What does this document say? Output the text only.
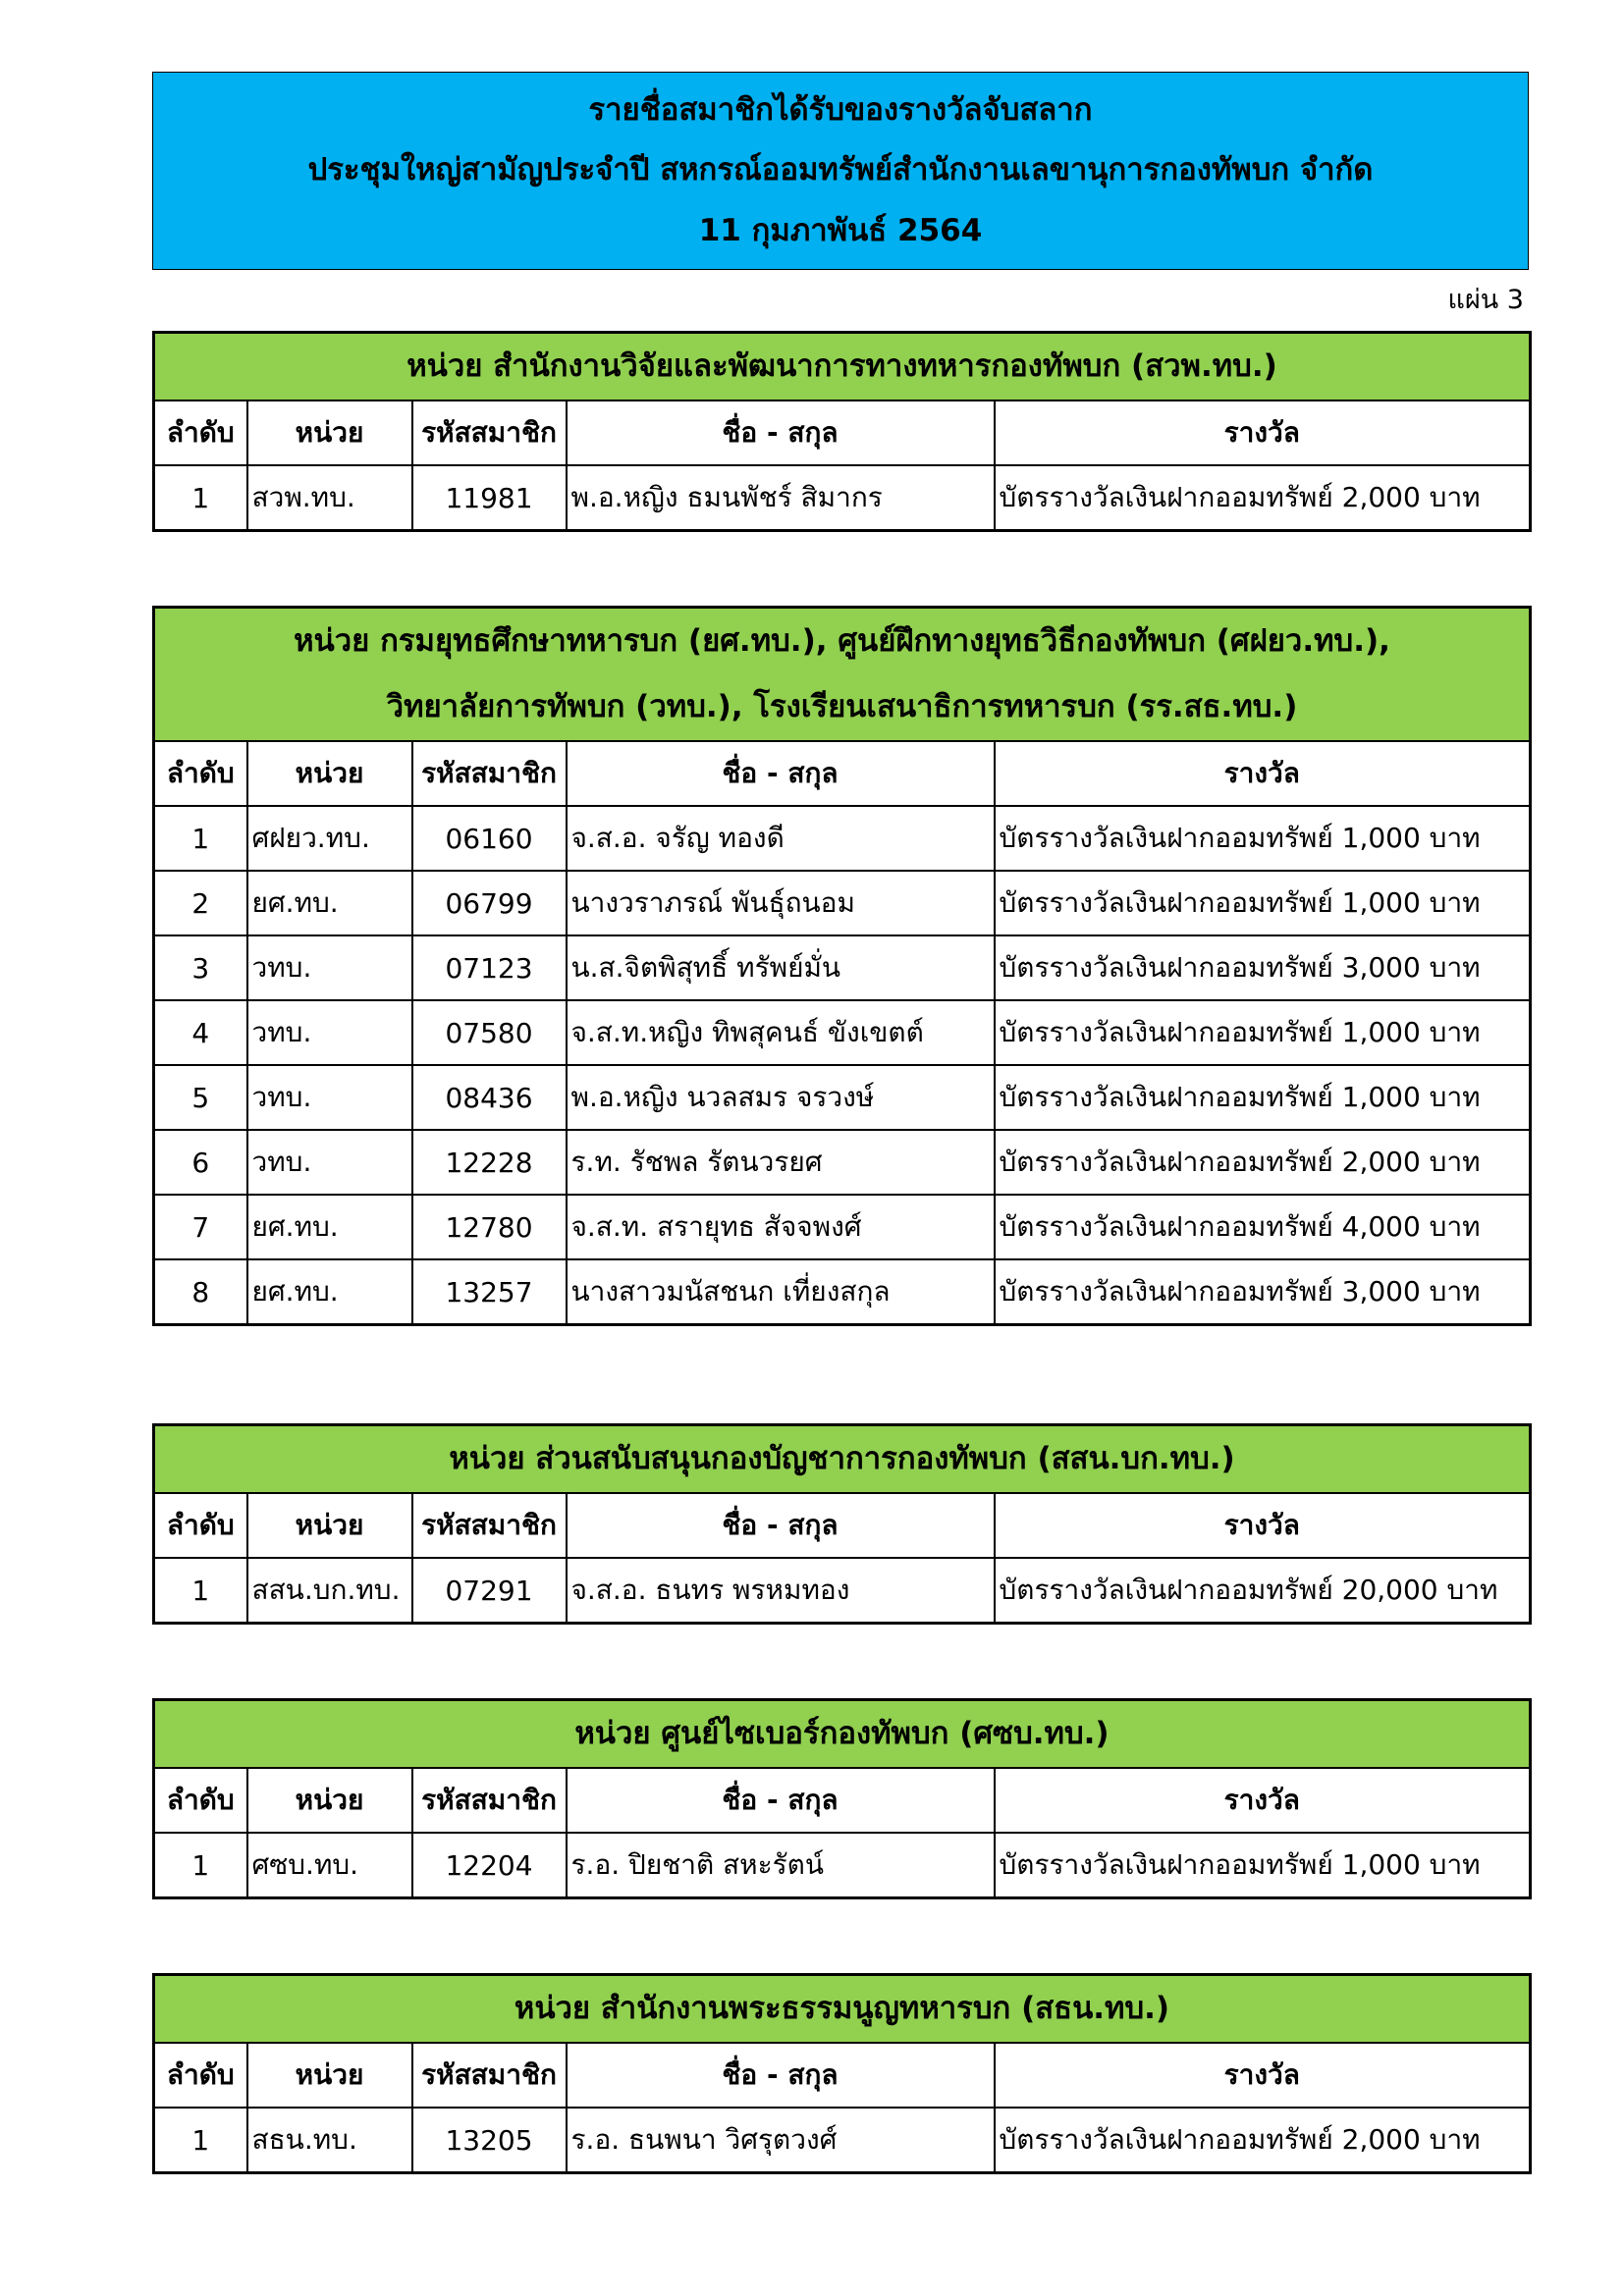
รายชื่อสมาชิกได้รับของรางวัลจับสลาก
ประชุมใหญ่สามัญประจำปี สหกรณ์ออมทรัพย์สำนักงานเลขานุการกองทัพบก จำกัด
11 กุมภาพันธ์ 2564
แผ่น 3
หน่วย สำนักงานวิจัยและพัฒนาการทางทหารกองทัพบก (สวพ.ทบ.)				

ลำดับ	หน่วย	รหัสสมาชิก	ชื่อ - สกุล	รางวัล
1	สวพ.ทบ.	11981	พ.อ.หญิง ธมนพัชร์ สิมากร	บัตรรางวัลเงินฝากออมทรัพย์ 2,000 บาท
หน่วย กรมยุทธศึกษาทหารบก (ยศ.ทบ.), ศูนย์ฝึกทางยุทธวิธีกองทัพบก (ศฝยว.ทบ.),
วิทยาลัยการทัพบก (วทบ.), โรงเรียนเสนาธิการทหารบก (รร.สธ.ทบ.)				

ลำดับ	หน่วย	รหัสสมาชิก	ชื่อ - สกุล	รางวัล
1	ศฝยว.ทบ.	06160	จ.ส.อ. จรัญ ทองดี	บัตรรางวัลเงินฝากออมทรัพย์ 1,000 บาท
2	ยศ.ทบ.	06799	นางวราภรณ์ พันธุ์ถนอม	บัตรรางวัลเงินฝากออมทรัพย์ 1,000 บาท
3	วทบ.	07123	น.ส.จิตพิสุทธิ์ ทรัพย์มั่น	บัตรรางวัลเงินฝากออมทรัพย์ 3,000 บาท
4	วทบ.	07580	จ.ส.ท.หญิง ทิพสุคนธ์ ขังเขตต์	บัตรรางวัลเงินฝากออมทรัพย์ 1,000 บาท
5	วทบ.	08436	พ.อ.หญิง นวลสมร จรวงษ์	บัตรรางวัลเงินฝากออมทรัพย์ 1,000 บาท
6	วทบ.	12228	ร.ท. รัชพล รัตนวรยศ	บัตรรางวัลเงินฝากออมทรัพย์ 2,000 บาท
7	ยศ.ทบ.	12780	จ.ส.ท. สรายุทธ สัจจพงศ์	บัตรรางวัลเงินฝากออมทรัพย์ 4,000 บาท
8	ยศ.ทบ.	13257	นางสาวมนัสชนก เที่ยงสกุล	บัตรรางวัลเงินฝากออมทรัพย์ 3,000 บาท
หน่วย ส่วนสนับสนุนกองบัญชาการกองทัพบก (สสน.บก.ทบ.)				

ลำดับ	หน่วย	รหัสสมาชิก	ชื่อ - สกุล	รางวัล
1	สสน.บก.ทบ.	07291	จ.ส.อ. ธนทร พรหมทอง	บัตรรางวัลเงินฝากออมทรัพย์ 20,000 บาท
หน่วย ศูนย์ไซเบอร์กองทัพบก (ศซบ.ทบ.)				

ลำดับ	หน่วย	รหัสสมาชิก	ชื่อ - สกุล	รางวัล
1	ศซบ.ทบ.	12204	ร.อ. ปิยชาติ สหะรัตน์	บัตรรางวัลเงินฝากออมทรัพย์ 1,000 บาท
หน่วย สำนักงานพระธรรมนูญทหารบก (สธน.ทบ.)				

ลำดับ	หน่วย	รหัสสมาชิก	ชื่อ - สกุล	รางวัล
1	สธน.ทบ.	13205	ร.อ. ธนพนา วิศรุตวงศ์	บัตรรางวัลเงินฝากออมทรัพย์ 2,000 บาท
